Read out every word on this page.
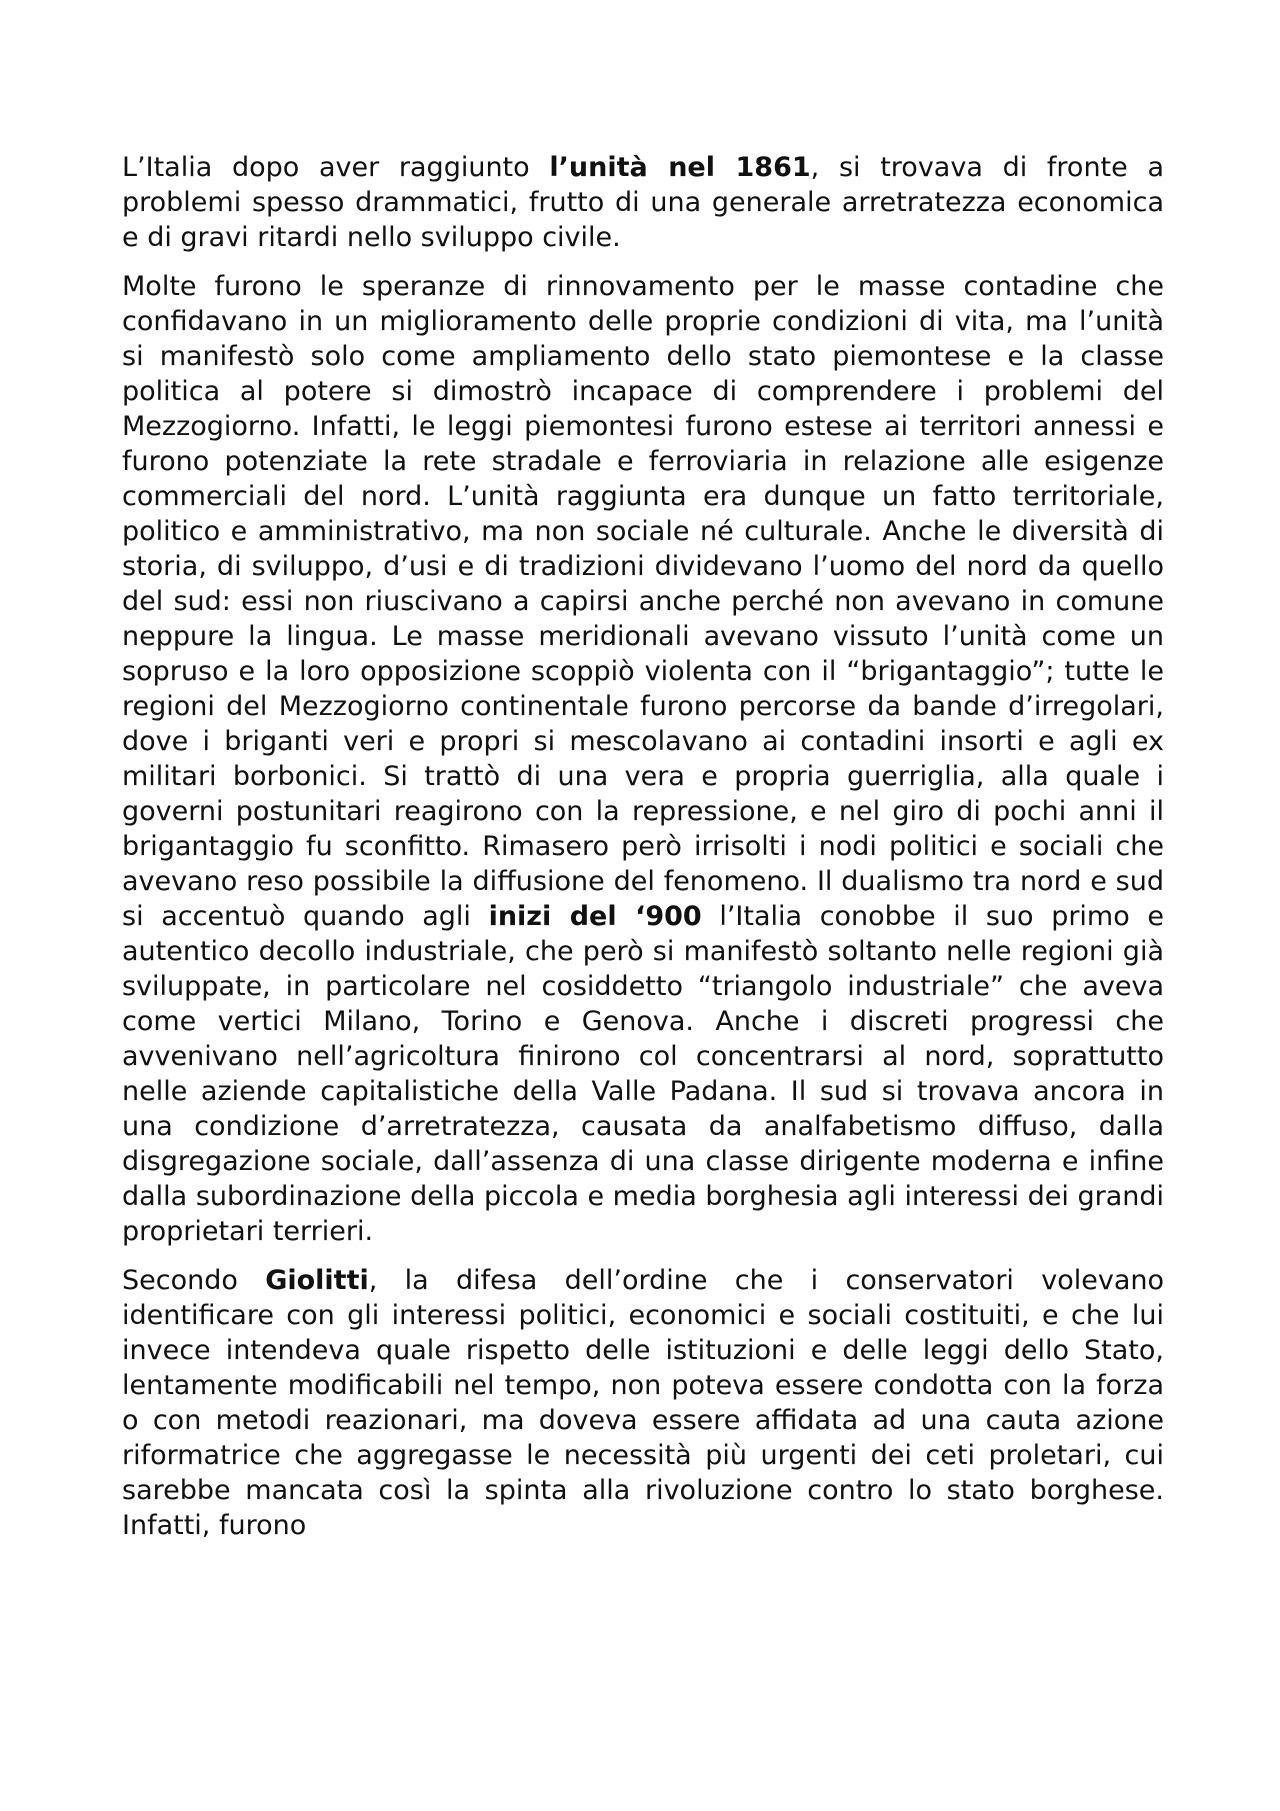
L’Italia dopo aver raggiunto l’unità nel 1861, si trovava di fronte a problemi spesso drammatici, frutto di una generale arretratezza economica e di gravi ritardi nello sviluppo civile.

Molte furono le speranze di rinnovamento per le masse contadine che confidavano in un miglioramento delle proprie condizioni di vita, ma l’unità si manifestò solo come ampliamento dello stato piemontese e la classe politica al potere si dimostrò incapace di comprendere i problemi del Mezzogiorno. Infatti, le leggi piemontesi furono estese ai territori annessi e furono potenziate la rete stradale e ferroviaria in relazione alle esigenze commerciali del nord. L’unità raggiunta era dunque un fatto territoriale, politico e amministrativo, ma non sociale né culturale. Anche le diversità di storia, di sviluppo, d’usi e di tradizioni dividevano l’uomo del nord da quello del sud: essi non riuscivano a capirsi anche perché non avevano in comune neppure la lingua. Le masse meridionali avevano vissuto l’unità come un sopruso e la loro opposizione scoppiò violenta con il “brigantaggio”; tutte le regioni del Mezzogiorno continentale furono percorse da bande d’irregolari, dove i briganti veri e propri si mescolavano ai contadini insorti e agli ex militari borbonici. Si trattò di una vera e propria guerriglia, alla quale i governi postunitari reagirono con la repressione, e nel giro di pochi anni il brigantaggio fu sconfitto. Rimasero però irrisolti i nodi politici e sociali che avevano reso possibile la diffusione del fenomeno. Il dualismo tra nord e sud si accentuò quando agli inizi del ‘900 l’Italia conobbe il suo primo e autentico decollo industriale, che però si manifestò soltanto nelle regioni già sviluppate, in particolare nel cosiddetto “triangolo industriale” che aveva come vertici Milano, Torino e Genova. Anche i discreti progressi che avvenivano nell’agricoltura finirono col concentrarsi al nord, soprattutto nelle aziende capitalistiche della Valle Padana. Il sud si trovava ancora in una condizione d’arretratezza, causata da analfabetismo diffuso, dalla disgregazione sociale, dall’assenza di una classe dirigente moderna e infine dalla subordinazione della piccola e media borghesia agli interessi dei grandi proprietari terrieri.

Secondo Giolitti, la difesa dell’ordine che i conservatori volevano identificare con gli interessi politici, economici e sociali costituiti, e che lui invece intendeva quale rispetto delle istituzioni e delle leggi dello Stato, lentamente modificabili nel tempo, non poteva essere condotta con la forza o con metodi reazionari, ma doveva essere affidata ad una cauta azione riformatrice che aggregasse le necessità più urgenti dei ceti proletari, cui sarebbe mancata così la spinta alla rivoluzione contro lo stato borghese. Infatti, furono
